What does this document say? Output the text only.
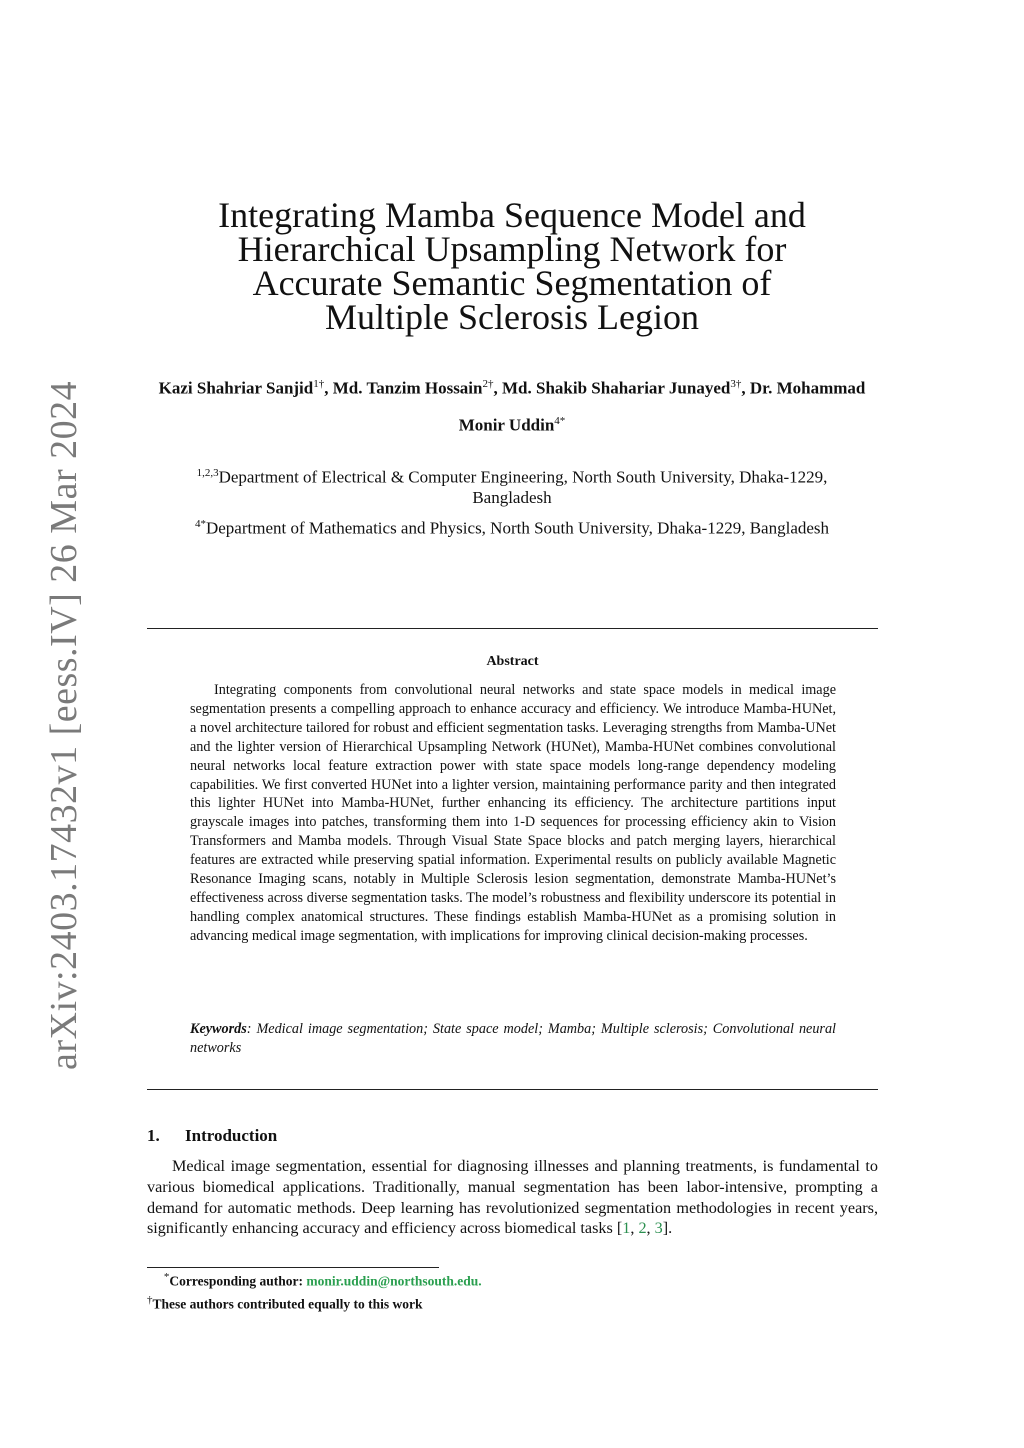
arXiv:2403.17432v1 [eess.IV] 26 Mar 2024
Integrating Mamba Sequence Model and
Hierarchical Upsampling Network for
Accurate Semantic Segmentation of
Multiple Sclerosis Legion
Kazi Shahriar Sanjid$^{1\dagger}$, Md. Tanzim Hossain$^{2\dagger}$, Md. Shakib Shahariar Junayed$^{3\dagger}$, Dr. Mohammad Monir Uddin$^{4*}$
$^{1,2,3}$Department of Electrical & Computer Engineering, North South University, Dhaka-1229, Bangladesh
$^{4*}$Department of Mathematics and Physics, North South University, Dhaka-1229, Bangladesh
Abstract

Integrating components from convolutional neural networks and state space models in medical image segmentation presents a compelling approach to enhance accuracy and efficiency. We introduce Mamba-HUNet, a novel architecture tailored for robust and efficient segmentation tasks. Leveraging strengths from Mamba-UNet and the lighter version of Hierarchical Upsampling Network (HUNet), Mamba-HUNet combines convolutional neural networks local feature extraction power with state space models long-range dependency modeling capabilities. We first converted HUNet into a lighter version, maintaining performance parity and then integrated this lighter HUNet into Mamba-HUNet, further enhancing its efficiency. The architecture partitions input grayscale images into patches, transforming them into 1-D sequences for processing efficiency akin to Vision Transformers and Mamba models. Through Visual State Space blocks and patch merging layers, hierarchical features are extracted while preserving spatial information. Experimental results on publicly available Magnetic Resonance Imaging scans, notably in Multiple Sclerosis lesion segmentation, demonstrate Mamba-HUNet’s effectiveness across diverse segmentation tasks. The model’s robustness and flexibility underscore its potential in handling complex anatomical structures. These findings establish Mamba-HUNet as a promising solution in advancing medical image segmentation, with implications for improving clinical decision-making processes.

Keywords: Medical image segmentation; State space model; Mamba; Multiple sclerosis; Convolutional neural networks

1. Introduction

Medical image segmentation, essential for diagnosing illnesses and planning treatments, is fundamental to various biomedical applications. Traditionally, manual segmentation has been labor-intensive, prompting a demand for automatic methods. Deep learning has revolutionized segmentation methodologies in recent years, significantly enhancing accuracy and efficiency across biomedical tasks [1, 2, 3].

*Corresponding author: monir.uddin@northsouth.edu.
†These authors contributed equally to this work
